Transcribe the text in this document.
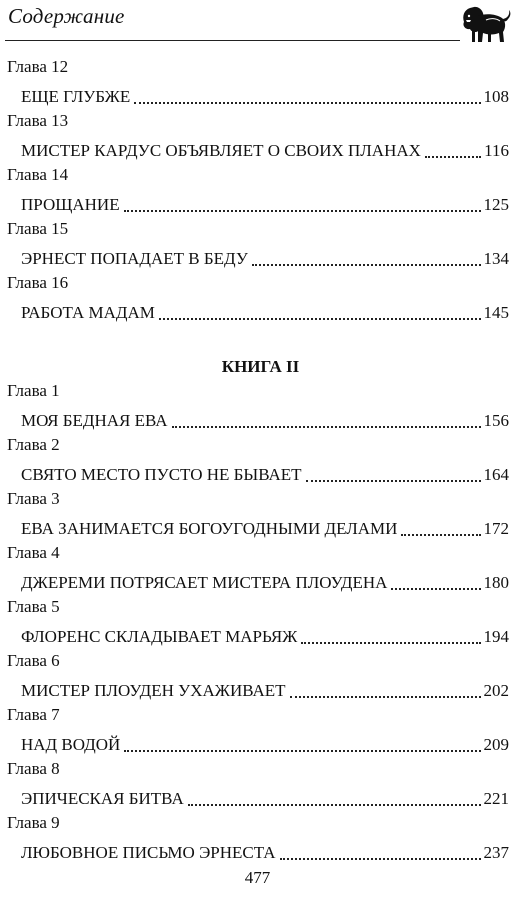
Содержание
Глава 12
ЕЩЕ ГЛУБЖЕ	108
Глава 13
МИСТЕР КАРДУС ОБЪЯВЛЯЕТ О СВОИХ ПЛАНАХ	116
Глава 14
ПРОЩАНИЕ	125
Глава 15
ЭРНЕСТ ПОПАДАЕТ В БЕДУ	134
Глава 16
РАБОТА МАДАМ	145
КНИГА II
Глава 1
МОЯ БЕДНАЯ ЕВА	156
Глава 2
СВЯТО МЕСТО ПУСТО НЕ БЫВАЕТ	164
Глава 3
ЕВА ЗАНИМАЕТСЯ БОГОУГОДНЫМИ ДЕЛАМИ	172
Глава 4
ДЖЕРЕМИ ПОТРЯСАЕТ МИСТЕРА ПЛОУДЕНА	180
Глава 5
ФЛОРЕНС СКЛАДЫВАЕТ МАРЬЯЖ	194
Глава 6
МИСТЕР ПЛОУДЕН УХАЖИВАЕТ	202
Глава 7
НАД ВОДОЙ	209
Глава 8
ЭПИЧЕСКАЯ БИТВА	221
Глава 9
ЛЮБОВНОЕ ПИСЬМО ЭРНЕСТА	237
477
